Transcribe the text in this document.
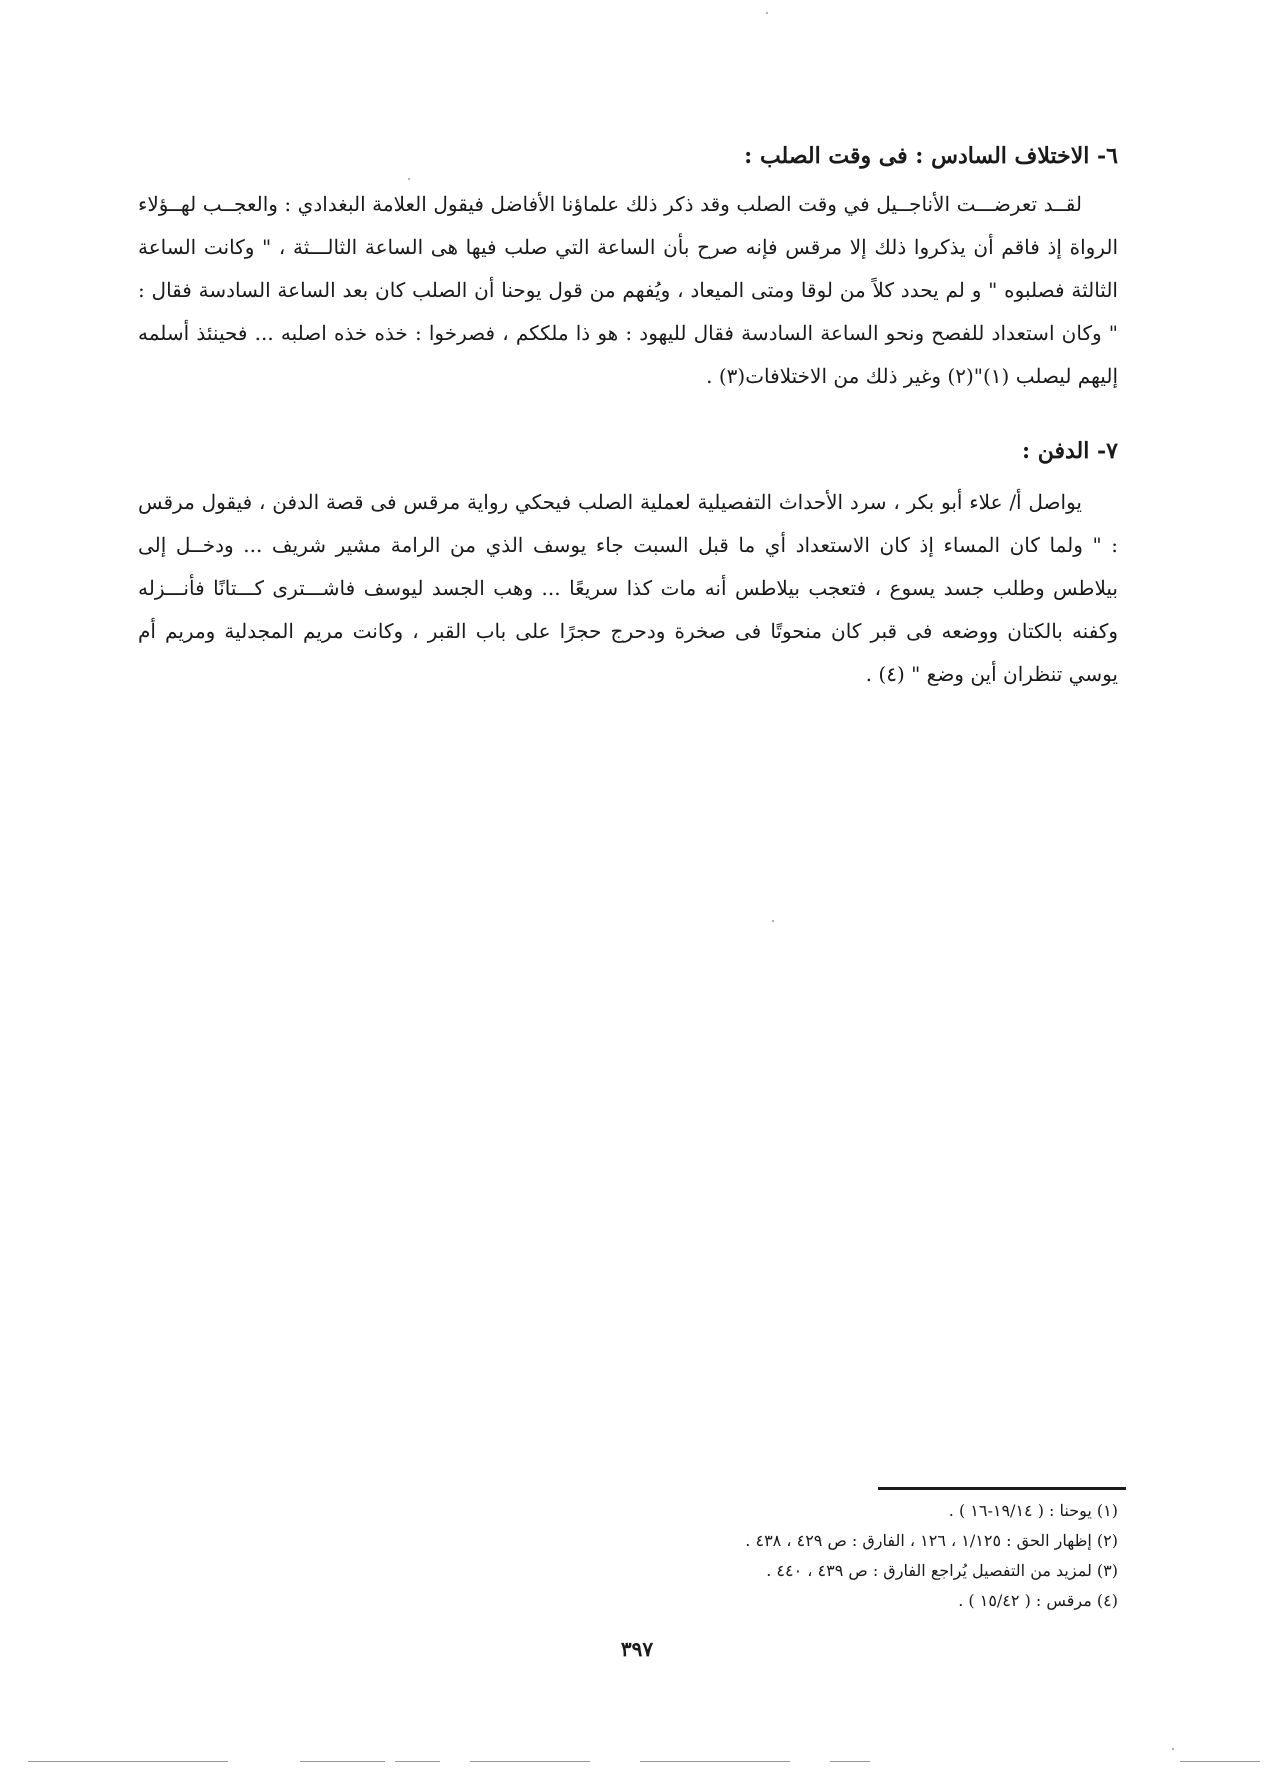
٦- الاختلاف السادس : فى وقت الصلب :

لقــد تعرضـــت الأناجــيل في وقت الصلب وقد ذكر ذلك علماؤنا الأفاضل فيقول العلامة البغدادي : والعجــب لهــؤلاء الرواة إذ فاقم أن يذكروا ذلك إلا مرقس فإنه صرح بأن الساعة التي صلب فيها هى الساعة الثالـــثة ، " وكانت الساعة الثالثة فصلبوه " و لم يحدد كلاً من لوقا ومتى الميعاد ، ويُفهم من قول يوحنا أن الصلب كان بعد الساعة السادسة فقال : " وكان استعداد للفصح ونحو الساعة السادسة فقال لليهود : هو ذا ملككم ، فصرخوا : خذه خذه اصلبه ... فحينئذ أسلمه إليهم ليصلب (١)"(٢) وغير ذلك من الاختلافات(٣) .

٧- الدفن :

يواصل أ/ علاء أبو بكر ، سرد الأحداث التفصيلية لعملية الصلب فيحكي رواية مرقس فى قصة الدفن ، فيقول مرقس : " ولما كان المساء إذ كان الاستعداد أي ما قبل السبت جاء يوسف الذي من الرامة مشير شريف ... ودخــل إلى بيلاطس وطلب جسد يسوع ، فتعجب بيلاطس أنه مات كذا سريعًا ... وهب الجسد ليوسف فاشـــترى كـــتانًا فأنـــزله وكفنه بالكتان ووضعه فى قبر كان منحوتًا فى صخرة ودحرج حجرًا على باب القبر ، وكانت مريم المجدلية ومريم أم يوسي تنظران أين وضع " (٤) .

(١) يوحنا : ( ١٩/١٤-١٦ ) .
(٢) إظهار الحق : ١/١٢٥ ، ١٢٦ ، الفارق : ص ٤٢٩ ، ٤٣٨ .
(٣) لمزيد من التفصيل يُراجع الفارق : ص ٤٣٩ ، ٤٤٠ .
(٤) مرقس : ( ١٥/٤٢ ) .
٣٩٧
